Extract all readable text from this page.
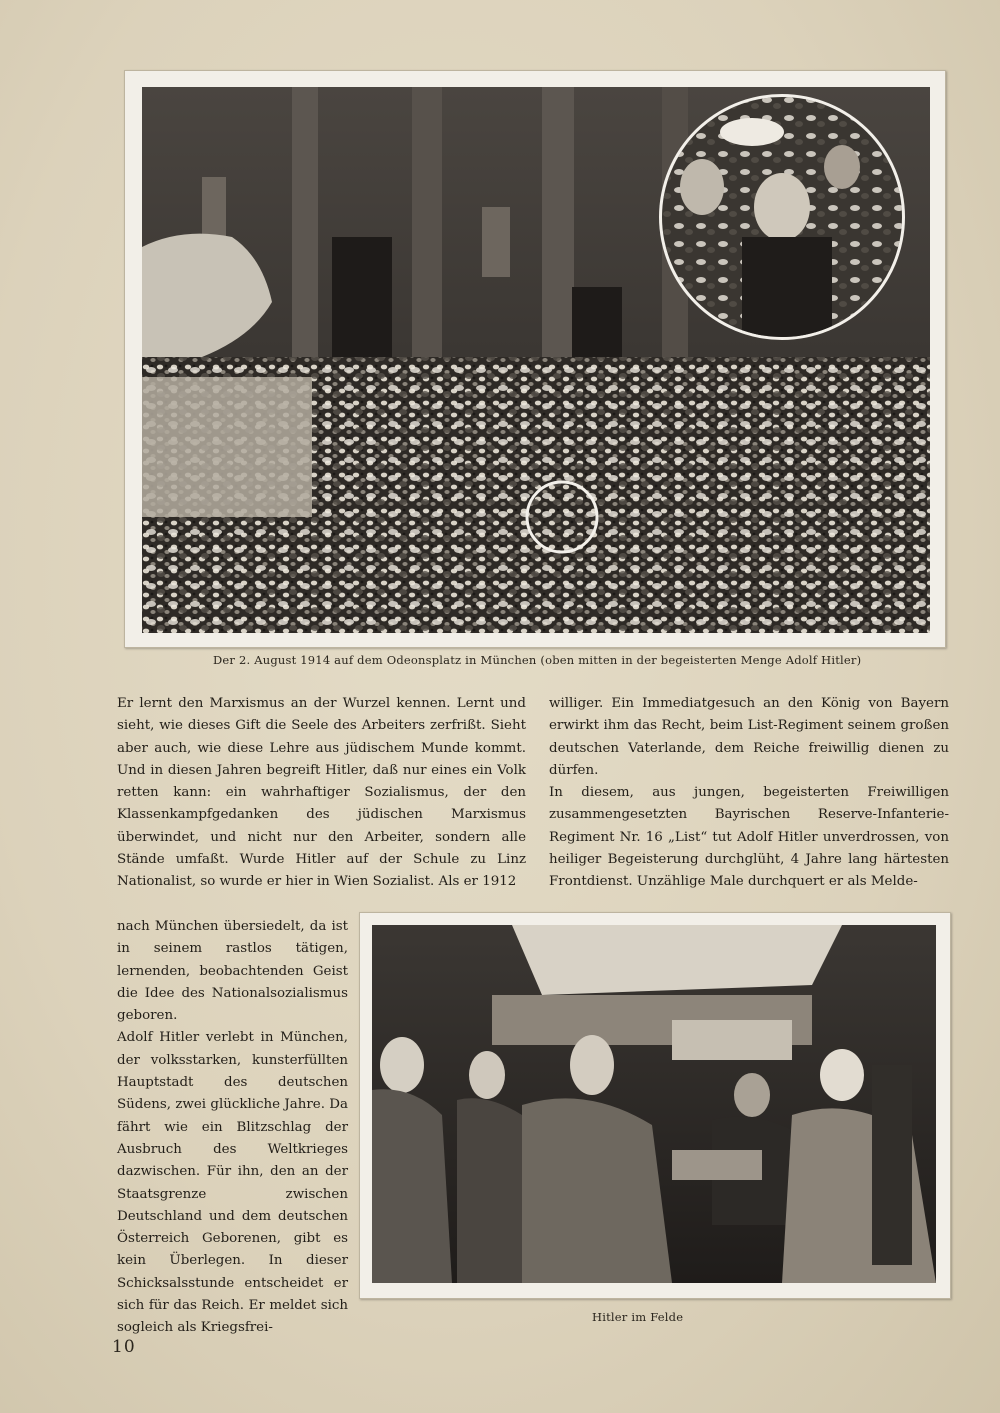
Der 2. August 1914 auf dem Odeonsplatz in München (oben mitten in der begeisterten Menge Adolf Hitler)

Er lernt den Marxismus an der Wurzel kennen. Lernt und sieht, wie dieses Gift die Seele des Arbeiters zerfrißt. Sieht aber auch, wie diese Lehre aus jüdischem Munde kommt. Und in diesen Jahren begreift Hitler, daß nur eines ein Volk retten kann: ein wahrhaftiger Sozialismus, der den Klassenkampfgedanken des jüdischen Marxismus überwindet, und nicht nur den Arbeiter, sondern alle Stände umfaßt. Wurde Hitler auf der Schule zu Linz Nationalist, so wurde er hier in Wien Sozialist. Als er 1912

nach München übersiedelt, da ist in seinem rastlos tätigen, lernenden, beobachtenden Geist die Idee des Nationalsozialismus geboren.

Adolf Hitler verlebt in München, der volksstarken, kunsterfüllten Hauptstadt des deutschen Südens, zwei glückliche Jahre. Da fährt wie ein Blitzschlag der Ausbruch des Weltkrieges dazwischen. Für ihn, den an der Staatsgrenze zwischen Deutschland und dem deutschen Österreich Geborenen, gibt es kein Überlegen. In dieser Schicksalsstunde entscheidet er sich für das Reich. Er meldet sich sogleich als Kriegsfrei-

williger. Ein Immediatgesuch an den König von Bayern erwirkt ihm das Recht, beim List-Regiment seinem großen deutschen Vaterlande, dem Reiche freiwillig dienen zu dürfen.

In diesem, aus jungen, begeisterten Freiwilligen zusammengesetzten Bayrischen Reserve-Infanterie-Regiment Nr. 16 „List“ tut Adolf Hitler unverdrossen, von heiliger Begeisterung durchglüht, 4 Jahre lang härtesten Frontdienst. Unzählige Male durchquert er als Melde-

Hitler im Felde
10
